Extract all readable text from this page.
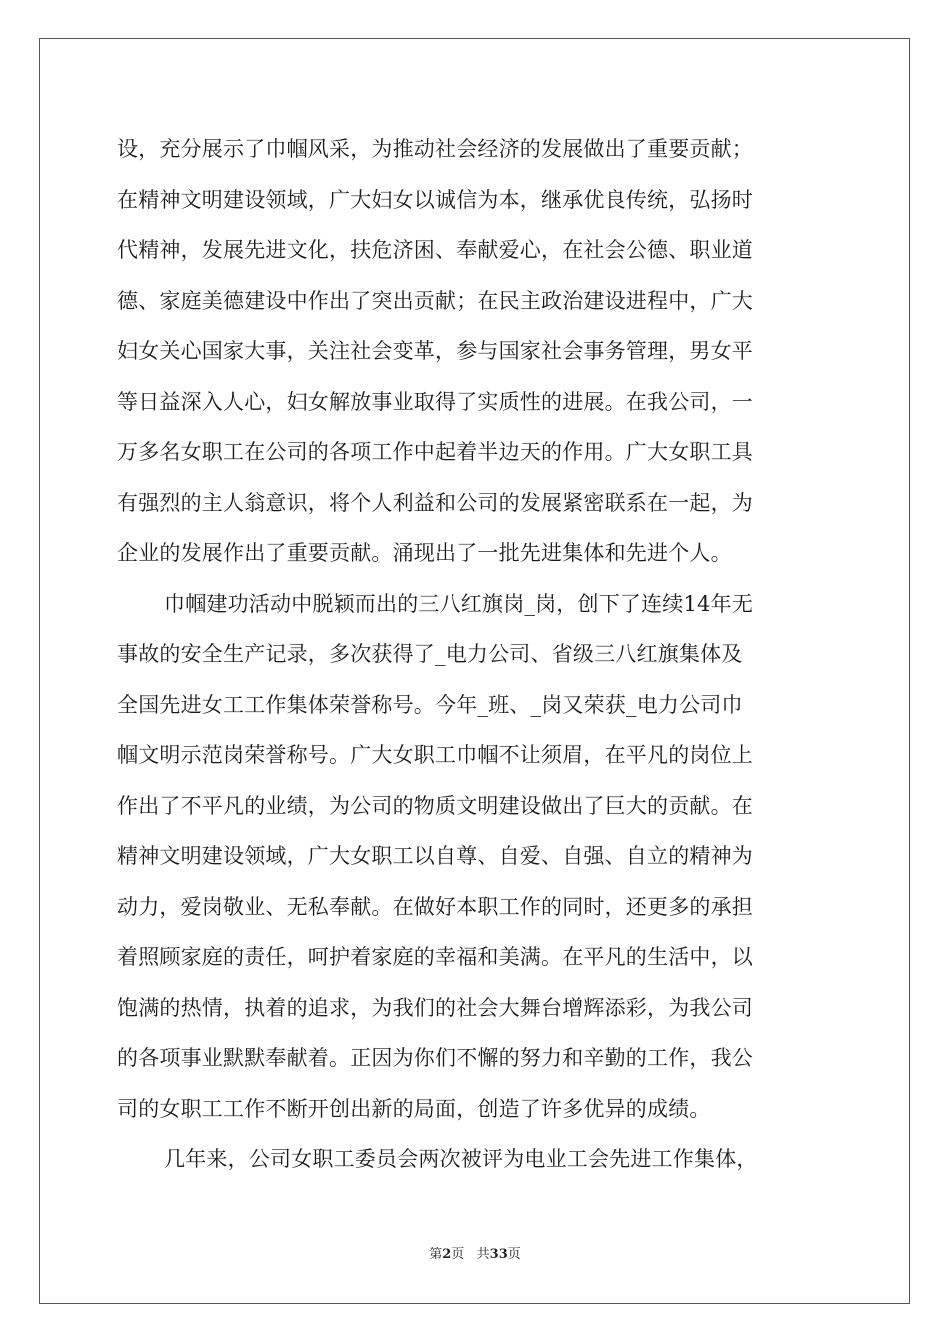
设，充分展示了巾帼风采，为推动社会经济的发展做出了重要贡献；
在精神文明建设领域，广大妇女以诚信为本，继承优良传统，弘扬时
代精神，发展先进文化，扶危济困、奉献爱心，在社会公德、职业道
德、家庭美德建设中作出了突出贡献；在民主政治建设进程中，广大
妇女关心国家大事，关注社会变革，参与国家社会事务管理，男女平
等日益深入人心，妇女解放事业取得了实质性的进展。在我公司，一
万多名女职工在公司的各项工作中起着半边天的作用。广大女职工具
有强烈的主人翁意识，将个人利益和公司的发展紧密联系在一起，为
企业的发展作出了重要贡献。涌现出了一批先进集体和先进个人。
巾帼建功活动中脱颖而出的三八红旗岗_岗，创下了连续14年无
事故的安全生产记录，多次获得了_电力公司、省级三八红旗集体及
全国先进女工工作集体荣誉称号。今年_班、_岗又荣获_电力公司巾
帼文明示范岗荣誉称号。广大女职工巾帼不让须眉，在平凡的岗位上
作出了不平凡的业绩，为公司的物质文明建设做出了巨大的贡献。在
精神文明建设领域，广大女职工以自尊、自爱、自强、自立的精神为
动力，爱岗敬业、无私奉献。在做好本职工作的同时，还更多的承担
着照顾家庭的责任，呵护着家庭的幸福和美满。在平凡的生活中，以
饱满的热情，执着的追求，为我们的社会大舞台增辉添彩，为我公司
的各项事业默默奉献着。正因为你们不懈的努力和辛勤的工作，我公
司的女职工工作不断开创出新的局面，创造了许多优异的成绩。
几年来，公司女职工委员会两次被评为电业工会先进工作集体，
第2页   共33页
